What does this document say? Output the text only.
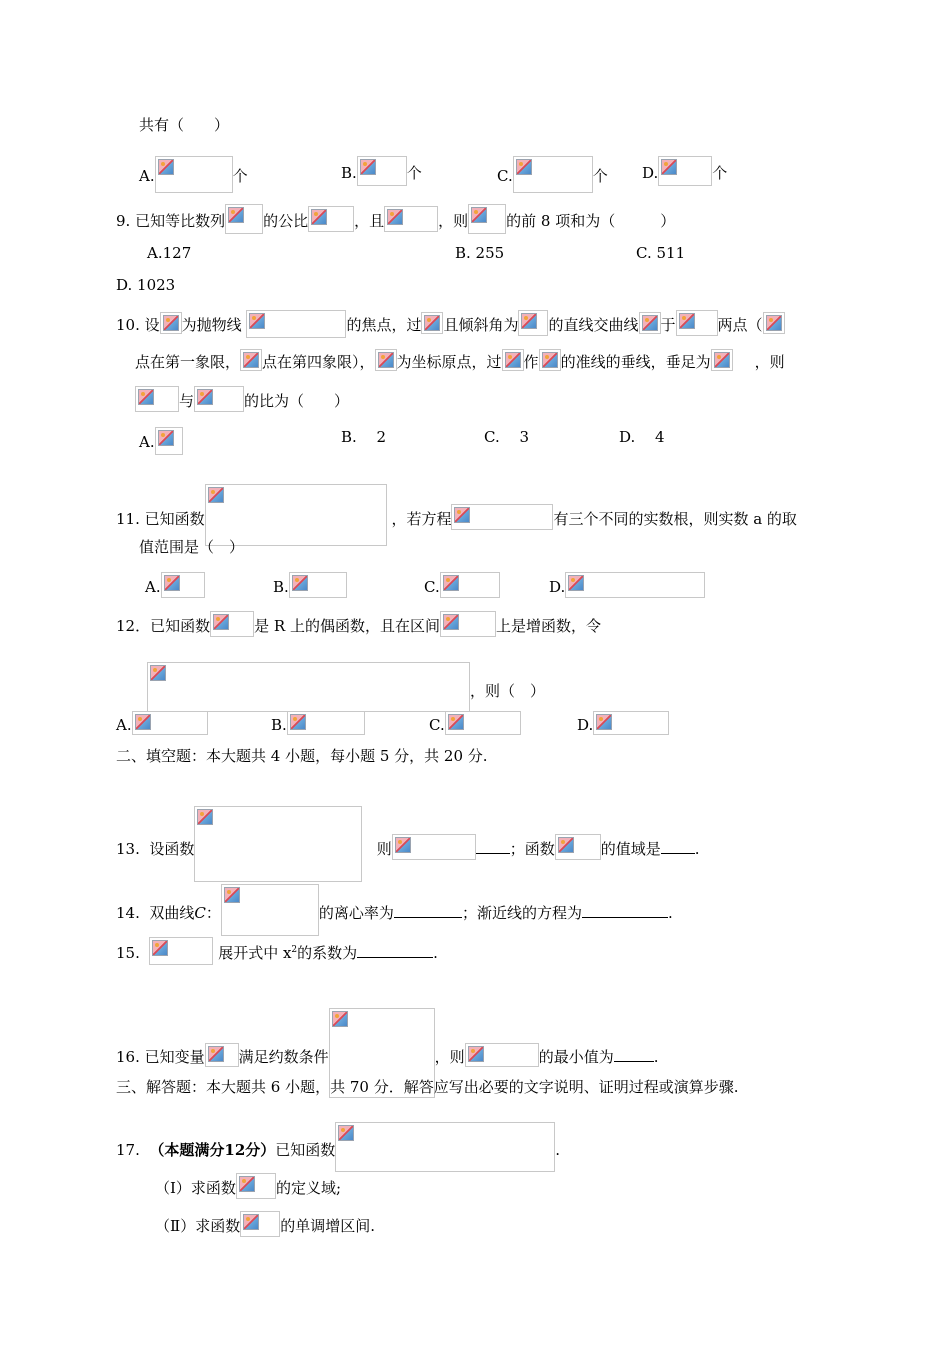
共有（　　）
A.	个	B.	个	C.	个 D.	个
9. 已知等比数列	的公比	，且	，则	的前 8 项和为（　　　）
A.127	B. 255	C. 511
D. 1023
10. 设 为抛物线	的焦点，过 且倾斜角为 的直线交曲线 于	两点（
点在第一象限， 点在第四象限）， 为坐标原点，过 作 的准线的垂线，垂足为	，则
与	的比为（　　）
A.	B.　 2	C.　 3	D.　 4
11. 已知函数	，若方程	有三个不同的实数根，则实数 a 的取
值范围是（　）
A.	B.	C.	D.
12．已知函数	是 R 上的偶函数，且在区间	上是增函数，令
，则（　）
A.	B.	C.	D.
二、填空题：本大题共 4 小题，每小题 5 分，共 20 分.
13. 设函数	则	；函数	的值域是 .
14. 双曲线C：	的离心率为	；渐近线的方程为	.
15.	展开式中 $x^2$的系数为	.
16. 已知变量 满足约数条件	，则	的最小值为	.
三、解答题：本大题共 6 小题，共 70 分．解答应写出必要的文字说明、证明过程或演算步骤.
17. （本题满分12分）已知函数	.
（Ⅰ）求函数	的定义域;
（Ⅱ）求函数	的单调增区间.
